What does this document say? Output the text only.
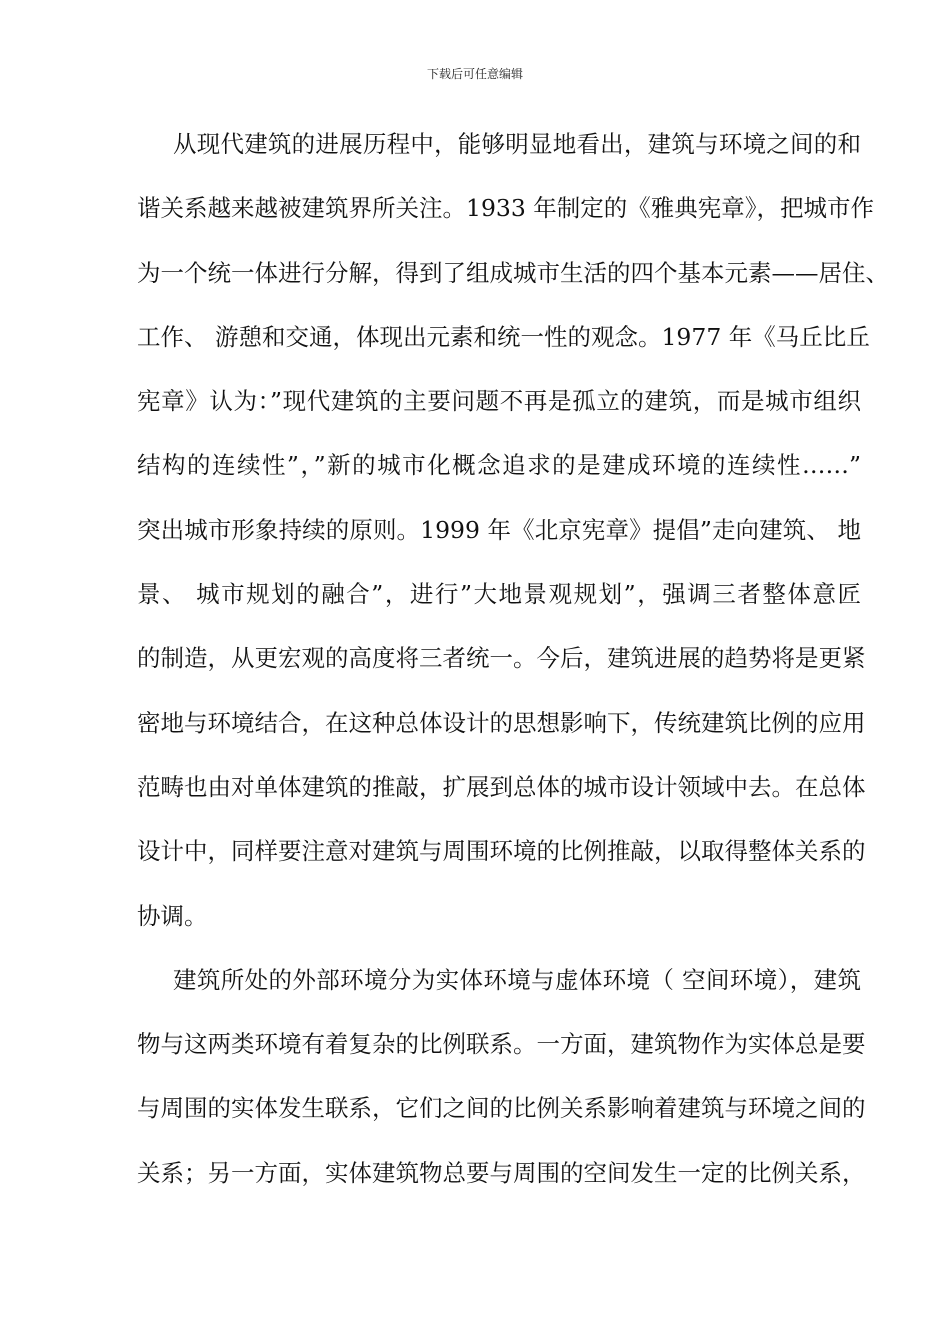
下载后可任意编辑
从现代建筑的进展历程中，能够明显地看出，建筑与环境之间的和
谐关系越来越被建筑界所关注。1933 年制定的《雅典宪章》，把城市作
为一个统一体进行分解，得到了组成城市生活的四个基本元素——居住、
工作、 游憩和交通，体现出元素和统一性的观念。1977 年《马丘比丘
宪章》认为：”现代建筑的主要问题不再是孤立的建筑，而是城市组织
结构的连续性”，”新的城市化概念追求的是建成环境的连续性……”
突出城市形象持续的原则。1999 年《北京宪章》提倡”走向建筑、 地
景、 城市规划的融合”，进行”大地景观规划”，强调三者整体意匠
的制造，从更宏观的高度将三者统一。今后，建筑进展的趋势将是更紧
密地与环境结合，在这种总体设计的思想影响下，传统建筑比例的应用
范畴也由对单体建筑的推敲，扩展到总体的城市设计领域中去。在总体
设计中，同样要注意对建筑与周围环境的比例推敲，以取得整体关系的
协调。
建筑所处的外部环境分为实体环境与虚体环境（ 空间环境），建筑
物与这两类环境有着复杂的比例联系。一方面，建筑物作为实体总是要
与周围的实体发生联系，它们之间的比例关系影响着建筑与环境之间的
关系；另一方面，实体建筑物总要与周围的空间发生一定的比例关系，
